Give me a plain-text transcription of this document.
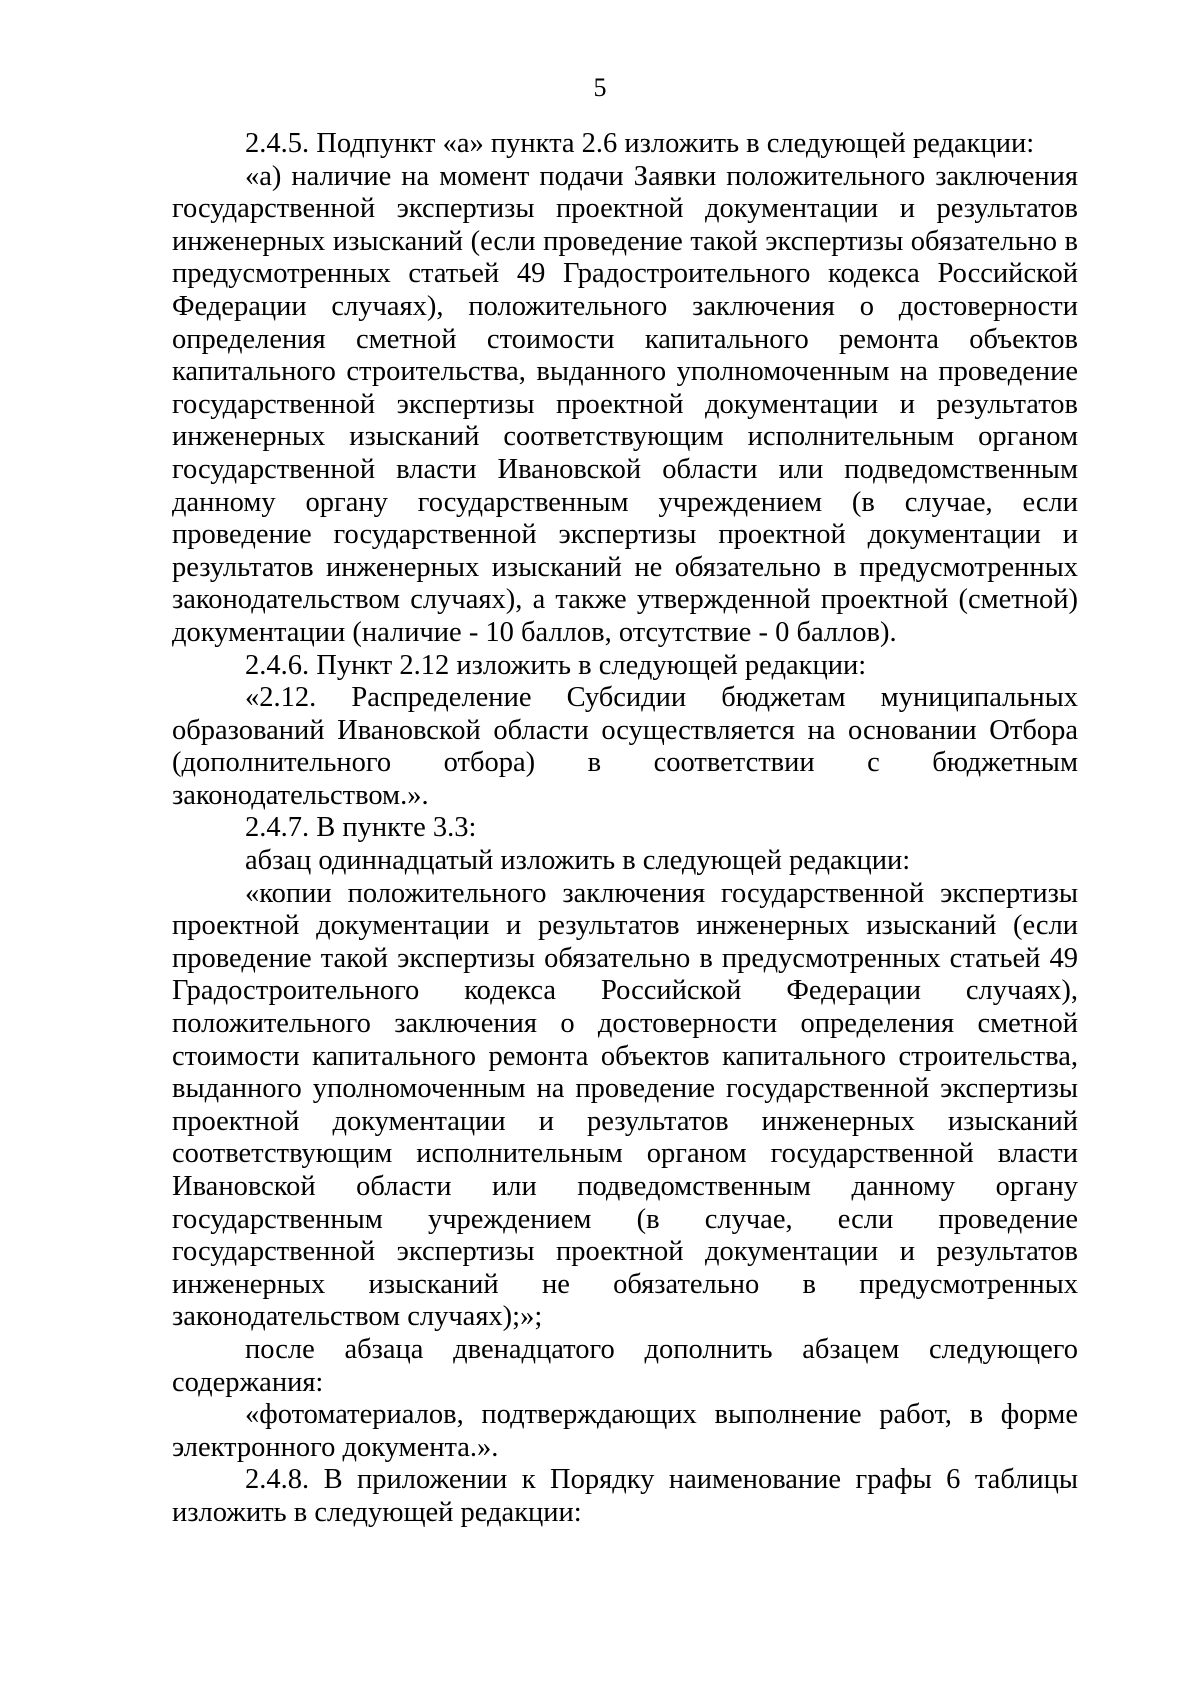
5

2.4.5. Подпункт «а» пункта 2.6 изложить в следующей редакции:

«а) наличие на момент подачи Заявки положительного заключения государственной экспертизы проектной документации и результатов инженерных изысканий (если проведение такой экспертизы обязательно в предусмотренных статьей 49 Градостроительного кодекса Российской Федерации случаях), положительного заключения о достоверности определения сметной стоимости капитального ремонта объектов капитального строительства, выданного уполномоченным на проведение государственной экспертизы проектной документации и результатов инженерных изысканий соответствующим исполнительным органом государственной власти Ивановской области или подведомственным данному органу государственным учреждением (в случае, если проведение государственной экспертизы проектной документации и результатов инженерных изысканий не обязательно в предусмотренных законодательством случаях), а также утвержденной проектной (сметной) документации (наличие - 10 баллов, отсутствие - 0 баллов).

2.4.6. Пункт 2.12 изложить в следующей редакции:

«2.12. Распределение Субсидии бюджетам муниципальных образований Ивановской области осуществляется на основании Отбора (дополнительного отбора) в соответствии с бюджетным законодательством.».

2.4.7. В пункте 3.3:

абзац одиннадцатый изложить в следующей редакции:

«копии положительного заключения государственной экспертизы проектной документации и результатов инженерных изысканий (если проведение такой экспертизы обязательно в предусмотренных статьей 49 Градостроительного кодекса Российской Федерации случаях), положительного заключения о достоверности определения сметной стоимости капитального ремонта объектов капитального строительства, выданного уполномоченным на проведение государственной экспертизы проектной документации и результатов инженерных изысканий соответствующим исполнительным органом государственной власти Ивановской области или подведомственным данному органу государственным учреждением (в случае, если проведение государственной экспертизы проектной документации и результатов инженерных изысканий не обязательно в предусмотренных законодательством случаях);»;

после абзаца двенадцатого дополнить абзацем следующего содержания:

«фотоматериалов, подтверждающих выполнение работ, в форме электронного документа.».

2.4.8. В приложении к Порядку наименование графы 6 таблицы изложить в следующей редакции:
